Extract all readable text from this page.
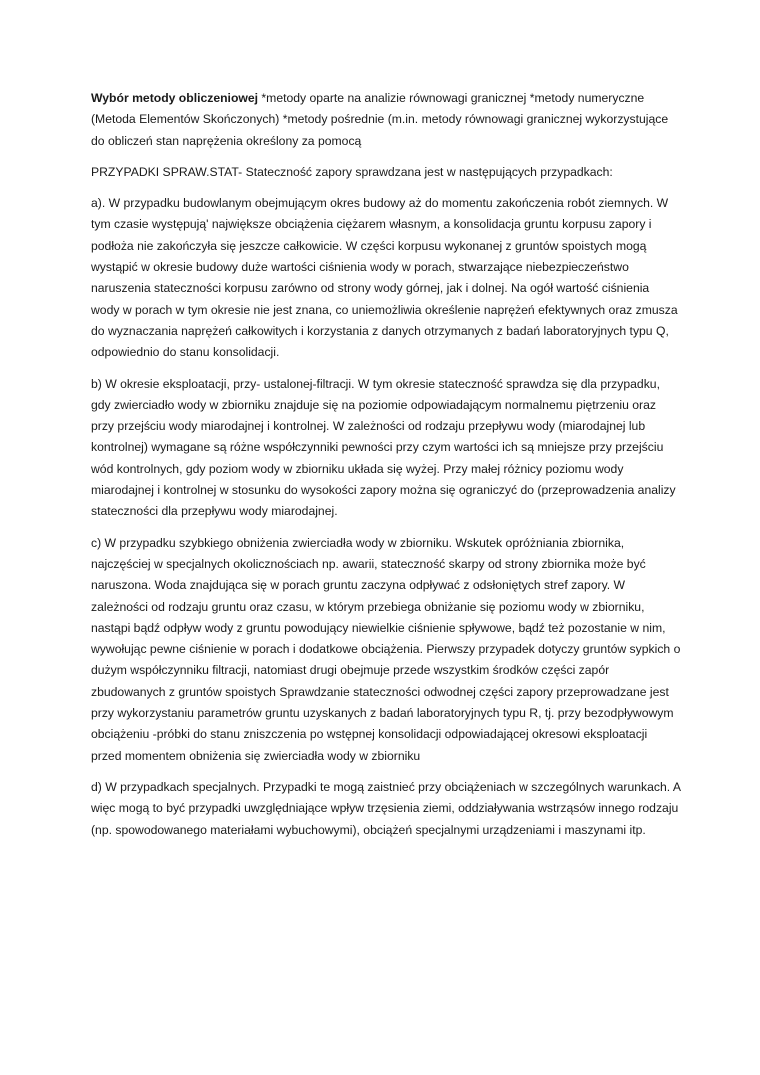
Wybór metody obliczeniowej *metody oparte na analizie równowagi granicznej *metody numeryczne (Metoda Elementów Skończonych) *metody pośrednie (m.in. metody równowagi granicznej wykorzystujące do obliczeń stan naprężenia określony za pomocą

PRZYPADKI SPRAW.STAT- Stateczność zapory sprawdzana jest w następujących przypadkach:

a). W przypadku budowlanym obejmującym okres budowy aż do momentu zakończenia robót ziemnych. W tym czasie występują' największe obciążenia ciężarem własnym, a konsolidacja gruntu korpusu zapory i podłoża nie zakończyła się jeszcze całkowicie. W części korpusu wykonanej z gruntów spoistych mogą wystąpić w okresie budowy duże wartości ciśnienia wody w porach, stwarzające niebezpieczeństwo naruszenia stateczności korpusu zarówno od strony wody górnej, jak i dolnej. Na ogół wartość ciśnienia wody w porach w tym okresie nie jest znana, co uniemożliwia określenie naprężeń efektywnych oraz zmusza do wyznaczania naprężeń całkowitych i korzystania z danych otrzymanych z badań laboratoryjnych typu Q, odpowiednio do stanu konsolidacji.

b) W okresie eksploatacji, przy- ustalonej-filtracji. W tym okresie stateczność sprawdza się dla przypadku, gdy zwierciadło wody w zbiorniku znajduje się na poziomie odpowiadającym normalnemu piętrzeniu oraz przy przejściu wody miarodajnej i kontrolnej. W zależności od rodzaju przepływu wody (miarodajnej lub kontrolnej) wymagane są różne współczynniki pewności przy czym wartości ich są mniejsze przy przejściu wód kontrolnych, gdy poziom wody w zbiorniku układa się wyżej. Przy małej różnicy poziomu wody miarodajnej i kontrolnej w stosunku do wysokości zapory można się ograniczyć do (przeprowadzenia analizy stateczności dla przepływu wody miarodajnej.

c) W przypadku szybkiego obniżenia zwierciadła wody w zbiorniku. Wskutek opróżniania zbiornika, najczęściej w specjalnych okolicznościach np. awarii, stateczność skarpy od strony zbiornika może być naruszona. Woda znajdująca się w porach gruntu zaczyna odpływać z odsłoniętych stref zapory. W zależności od rodzaju gruntu oraz czasu, w którym przebiega obniżanie się poziomu wody w zbiorniku, nastąpi bądź odpływ wody z gruntu powodujący niewielkie ciśnienie spływowe, bądź też pozostanie w nim, wywołując pewne ciśnienie w porach i dodatkowe obciążenia. Pierwszy przypadek dotyczy gruntów sypkich o dużym współczynniku filtracji, natomiast drugi obejmuje przede wszystkim środków części zapór zbudowanych z gruntów spoistych Sprawdzanie stateczności odwodnej części zapory przeprowadzane jest przy wykorzystaniu parametrów gruntu uzyskanych z badań laboratoryjnych typu R, tj. przy bezodpływowym obciążeniu -próbki do stanu zniszczenia po wstępnej konsolidacji odpowiadającej okresowi eksploatacji przed momentem obniżenia się zwierciadła wody w zbiorniku

d) W przypadkach specjalnych. Przypadki te mogą zaistnieć przy obciążeniach w szczególnych warunkach. A więc mogą to być przypadki uwzględniające wpływ trzęsienia ziemi, oddziaływania wstrząsów innego rodzaju (np. spowodowanego materiałami wybuchowymi), obciążeń specjalnymi urządzeniami i maszynami itp.
